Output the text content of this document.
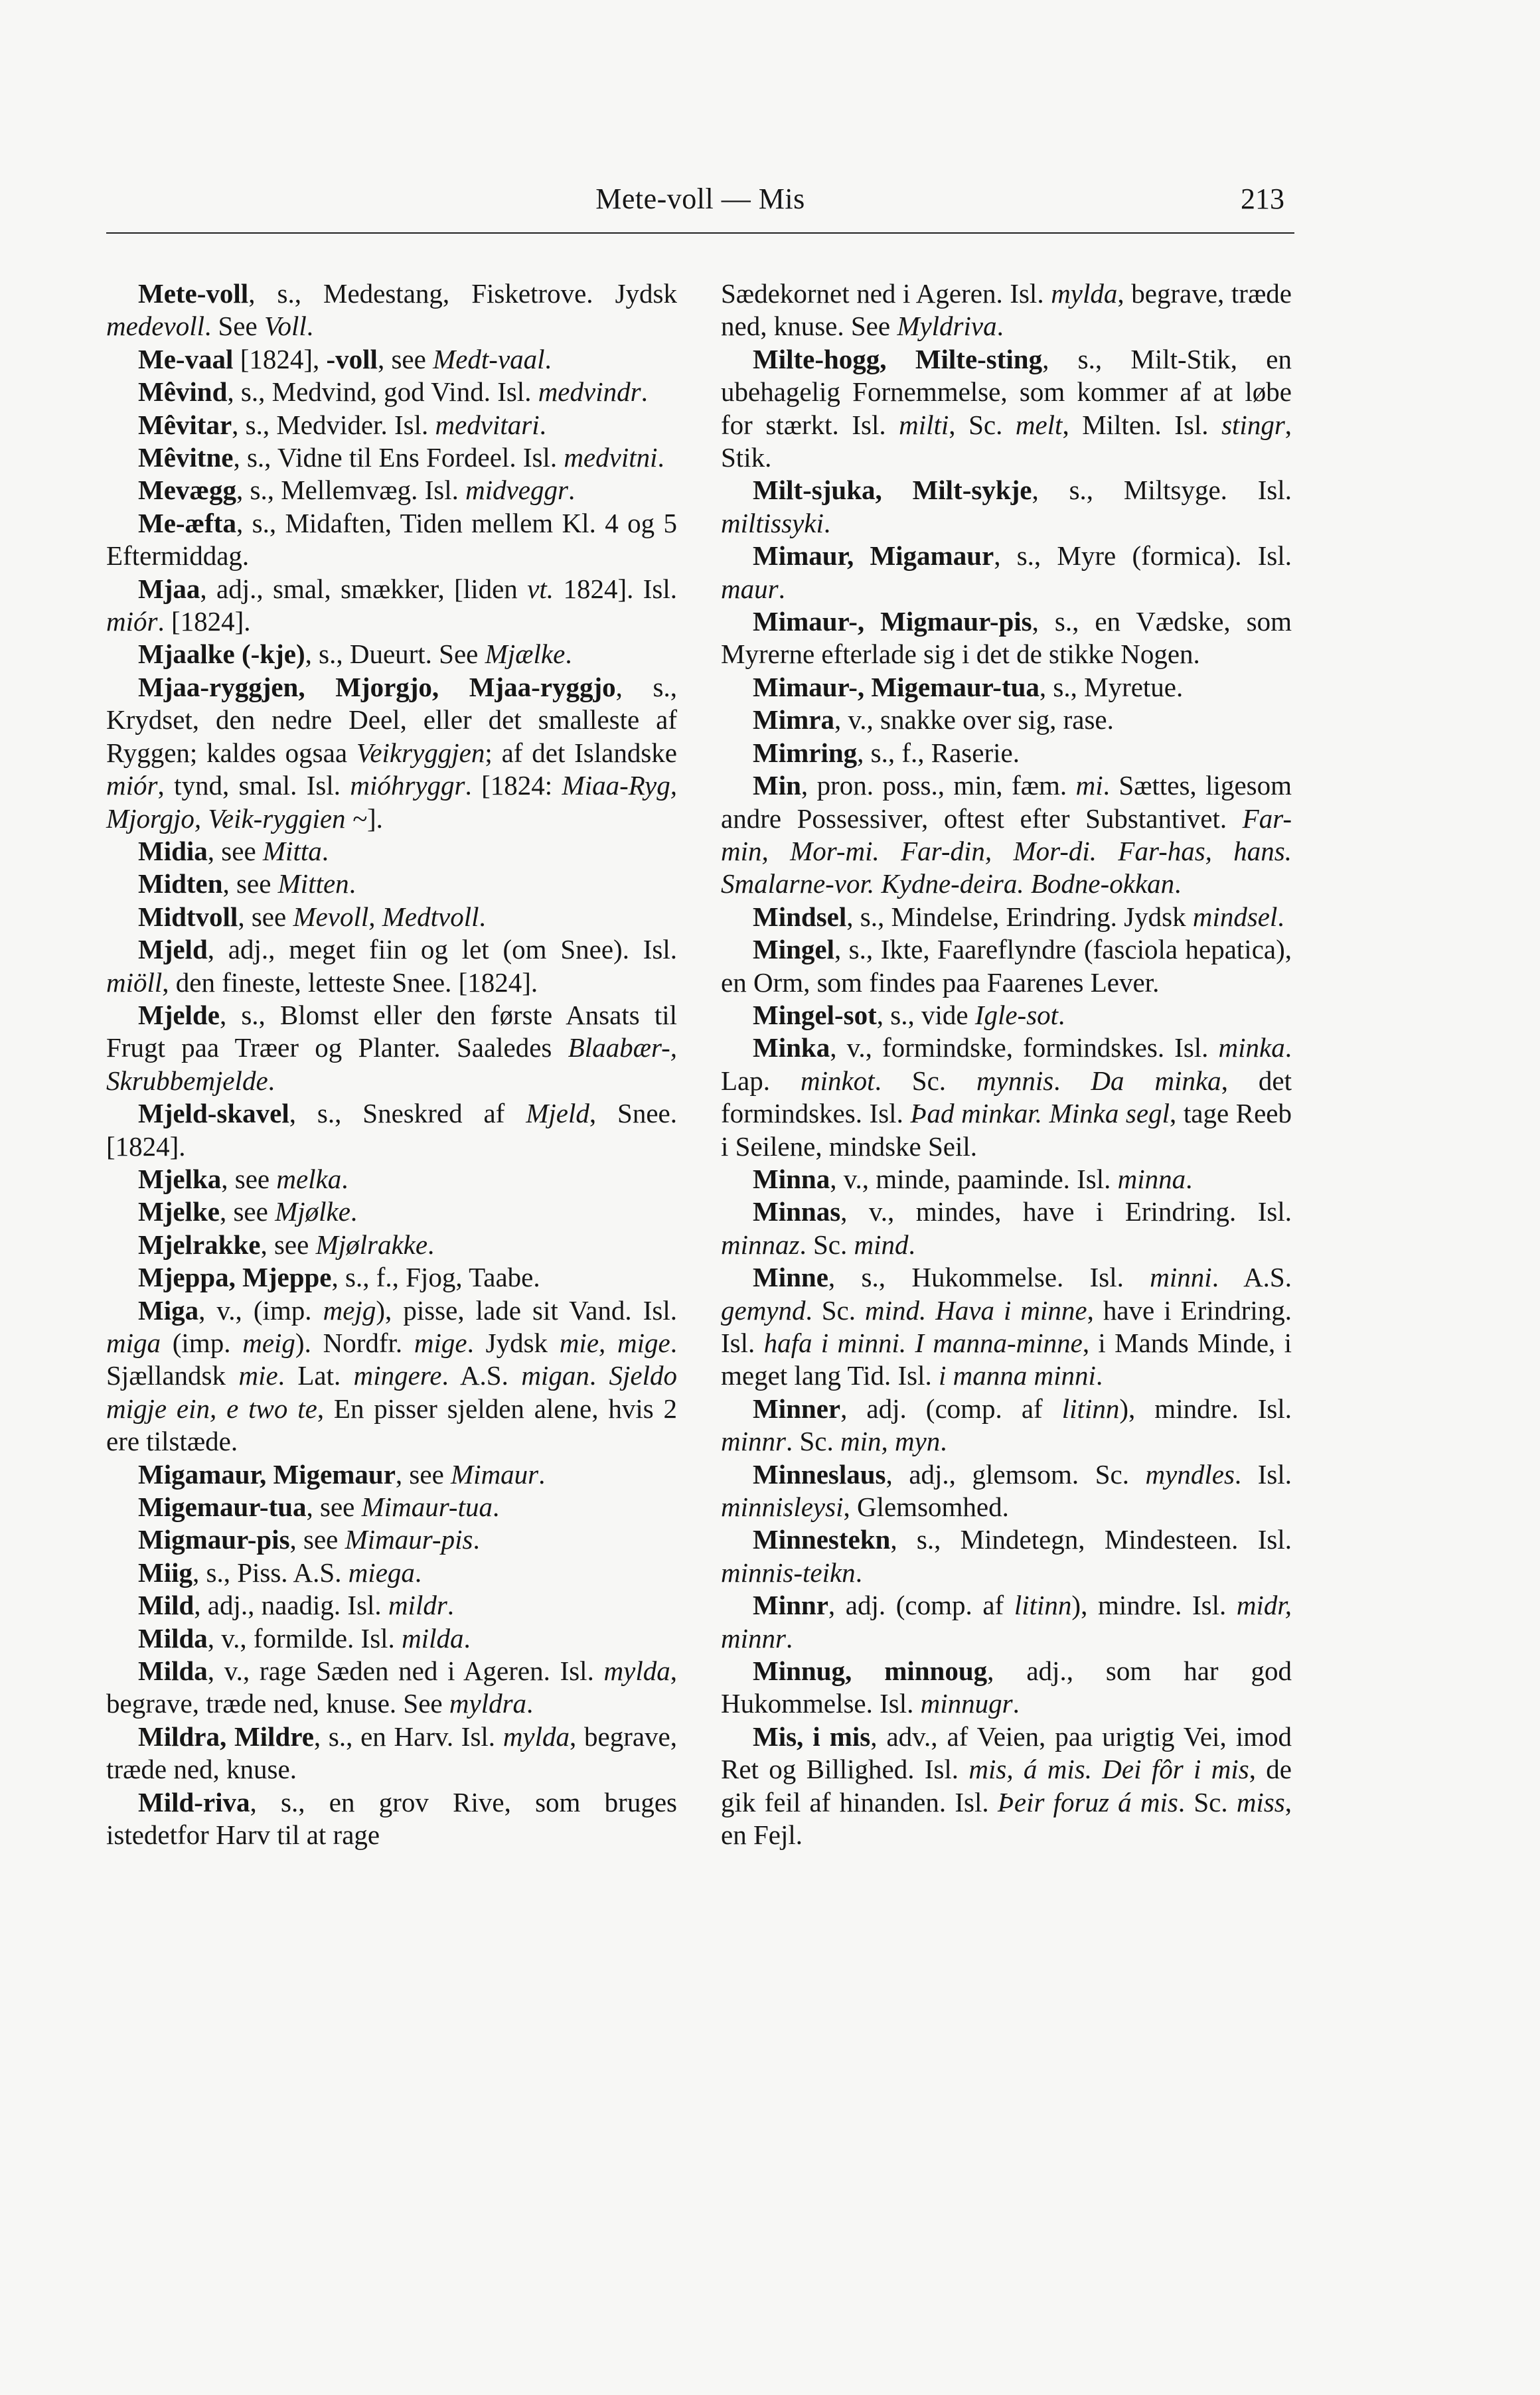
Mete-voll — Mis	213

Mete-voll, s., Medestang, Fisketrove. Jydsk medevoll. See Voll.

Me-vaal [1824], -voll, see Medt-vaal.

Mêvind, s., Medvind, god Vind. Isl. medvindr.

Mêvitar, s., Medvider. Isl. medvitari.

Mêvitne, s., Vidne til Ens Fordeel. Isl. medvitni.

Mevægg, s., Mellemvæg. Isl. midveggr.

Me-æfta, s., Midaften, Tiden mellem Kl. 4 og 5 Eftermiddag.

Mjaa, adj., smal, smækker, [liden vt. 1824]. Isl. miór. [1824].

Mjaalke (-kje), s., Dueurt. See Mjælke.

Mjaa-ryggjen, Mjorgjo, Mjaa-ryggjo, s., Krydset, den nedre Deel, eller det smalleste af Ryggen; kaldes ogsaa Veikryggjen; af det Islandske miór, tynd, smal. Isl. mióhryggr. [1824: Miaa-Ryg, Mjorgjo, Veik-ryggien ~].

Midia, see Mitta.

Midten, see Mitten.

Midtvoll, see Mevoll, Medtvoll.

Mjeld, adj., meget fiin og let (om Snee). Isl. miöll, den fineste, letteste Snee. [1824].

Mjelde, s., Blomst eller den første Ansats til Frugt paa Træer og Planter. Saaledes Blaabær-, Skrubbemjelde.

Mjeld-skavel, s., Sneskred af Mjeld, Snee. [1824].

Mjelka, see melka.

Mjelke, see Mjølke.

Mjelrakke, see Mjølrakke.

Mjeppa, Mjeppe, s., f., Fjog, Taabe.

Miga, v., (imp. mejg), pisse, lade sit Vand. Isl. miga (imp. meig). Nordfr. mige. Jydsk mie, mige. Sjællandsk mie. Lat. mingere. A.S. migan. Sjeldo migje ein, e two te, En pisser sjelden alene, hvis 2 ere tilstæde.

Migamaur, Migemaur, see Mimaur.

Migemaur-tua, see Mimaur-tua.

Migmaur-pis, see Mimaur-pis.

Miig, s., Piss. A.S. miega.

Mild, adj., naadig. Isl. mildr.

Milda, v., formilde. Isl. milda.

Milda, v., rage Sæden ned i Ageren. Isl. mylda, begrave, træde ned, knuse. See myldra.

Mildra, Mildre, s., en Harv. Isl. mylda, begrave, træde ned, knuse.

Mild-riva, s., en grov Rive, som bruges istedetfor Harv til at rage

Sædekornet ned i Ageren. Isl. mylda, begrave, træde ned, knuse. See Myldriva.

Milte-hogg, Milte-sting, s., Milt-Stik, en ubehagelig Fornemmelse, som kommer af at løbe for stærkt. Isl. milti, Sc. melt, Milten. Isl. stingr, Stik.

Milt-sjuka, Milt-sykje, s., Miltsyge. Isl. miltissyki.

Mimaur, Migamaur, s., Myre (formica). Isl. maur.

Mimaur-, Migmaur-pis, s., en Vædske, som Myrerne efterlade sig i det de stikke Nogen.

Mimaur-, Migemaur-tua, s., Myretue.

Mimra, v., snakke over sig, rase.

Mimring, s., f., Raserie.

Min, pron. poss., min, fæm. mi. Sættes, ligesom andre Possessiver, oftest efter Substantivet. Far-min, Mor-mi. Far-din, Mor-di. Far-has, hans. Smalarne-vor. Kydne-deira. Bodne-okkan.

Mindsel, s., Mindelse, Erindring. Jydsk mindsel.

Mingel, s., Ikte, Faareflyndre (fasciola hepatica), en Orm, som findes paa Faarenes Lever.

Mingel-sot, s., vide Igle-sot.

Minka, v., formindske, formindskes. Isl. minka. Lap. minkot. Sc. mynnis. Da minka, det formindskes. Isl. Þad minkar. Minka segl, tage Reeb i Seilene, mindske Seil.

Minna, v., minde, paaminde. Isl. minna.

Minnas, v., mindes, have i Erindring. Isl. minnaz. Sc. mind.

Minne, s., Hukommelse. Isl. minni. A.S. gemynd. Sc. mind. Hava i minne, have i Erindring. Isl. hafa i minni. I manna-minne, i Mands Minde, i meget lang Tid. Isl. i manna minni.

Minner, adj. (comp. af litinn), mindre. Isl. minnr. Sc. min, myn.

Minneslaus, adj., glemsom. Sc. myndles. Isl. minnisleysi, Glemsomhed.

Minnestekn, s., Mindetegn, Mindesteen. Isl. minnis-teikn.

Minnr, adj. (comp. af litinn), mindre. Isl. midr, minnr.

Minnug, minnoug, adj., som har god Hukommelse. Isl. minnugr.

Mis, i mis, adv., af Veien, paa urigtig Vei, imod Ret og Billighed. Isl. mis, á mis. Dei fôr i mis, de gik feil af hinanden. Isl. Þeir foruz á mis. Sc. miss, en Fejl.
